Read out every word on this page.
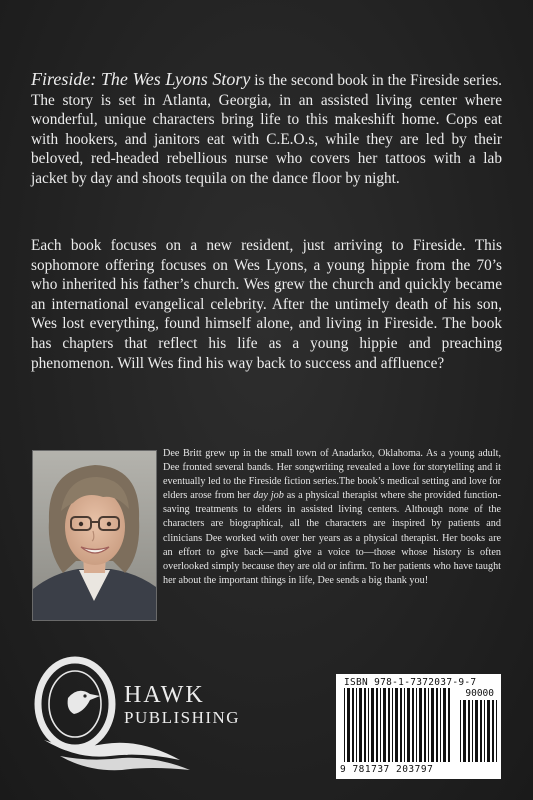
Fireside: The Wes Lyons Story is the second book in the Fireside series. The story is set in Atlanta, Georgia, in an assisted living center where wonderful, unique characters bring life to this makeshift home. Cops eat with hookers, and janitors eat with C.E.O.s, while they are led by their beloved, red-headed rebellious nurse who covers her tattoos with a lab jacket by day and shoots tequila on the dance floor by night.

Each book focuses on a new resident, just arriving to Fireside. This sophomore offering focuses on Wes Lyons, a young hippie from the 70’s who inherited his father’s church. Wes grew the church and quickly became an international evangelical celebrity. After the untimely death of his son, Wes lost everything, found himself alone, and living in Fireside. The book has chapters that reflect his life as a young hippie and preaching phenomenon. Will Wes find his way back to success and affluence?

Dee Britt grew up in the small town of Anadarko, Oklahoma. As a young adult, Dee fronted several bands. Her songwriting revealed a love for storytelling and it eventually led to the Fireside fiction series.The book’s medical setting and love for elders arose from her day job as a physical therapist where she provided function-saving treatments to elders in assisted living centers. Although none of the characters are biographical, all the characters are inspired by patients and clinicians Dee worked with over her years as a physical therapist. Her books are an effort to give back—and give a voice to—those whose history is often overlooked simply because they are old or infirm. To her patients who have taught her about the important things in life, Dee sends a big thank you!

HAWK
PUBLISHING
ISBN 978-1-7372037-9-7
90000
9 781737 203797
